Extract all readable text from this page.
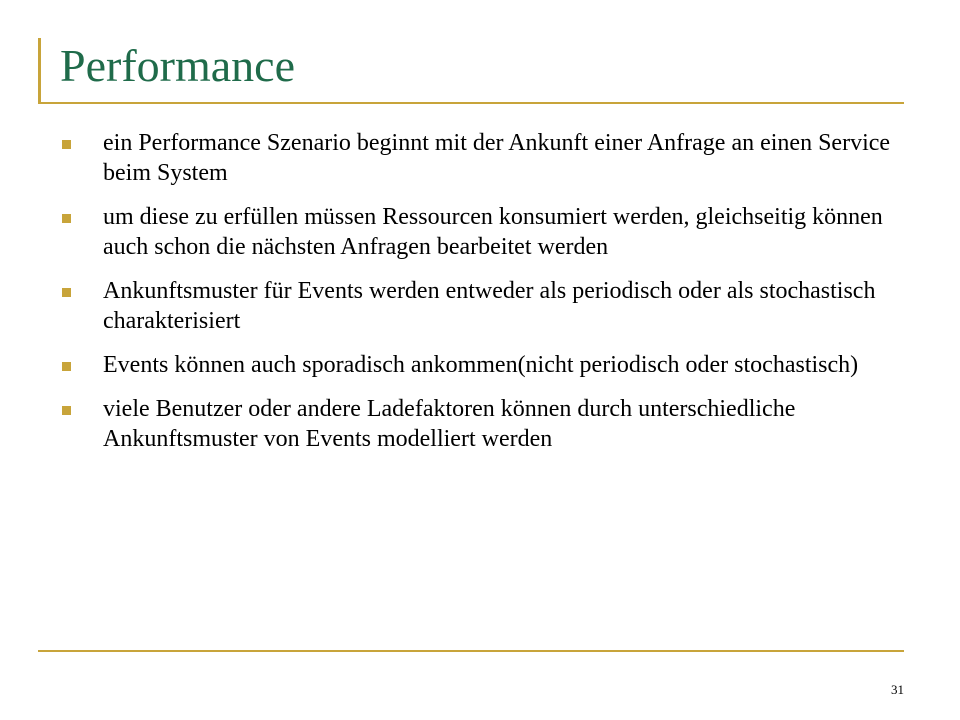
Performance
ein Performance Szenario beginnt mit der Ankunft einer Anfrage an einen Service beim System
um diese zu erfüllen müssen Ressourcen konsumiert werden, gleichseitig können auch schon die nächsten Anfragen bearbeitet werden
Ankunftsmuster für Events werden entweder als periodisch oder als stochastisch charakterisiert
Events können auch sporadisch ankommen(nicht periodisch oder stochastisch)
viele Benutzer oder andere Ladefaktoren können durch unterschiedliche Ankunftsmuster von Events modelliert werden
31
